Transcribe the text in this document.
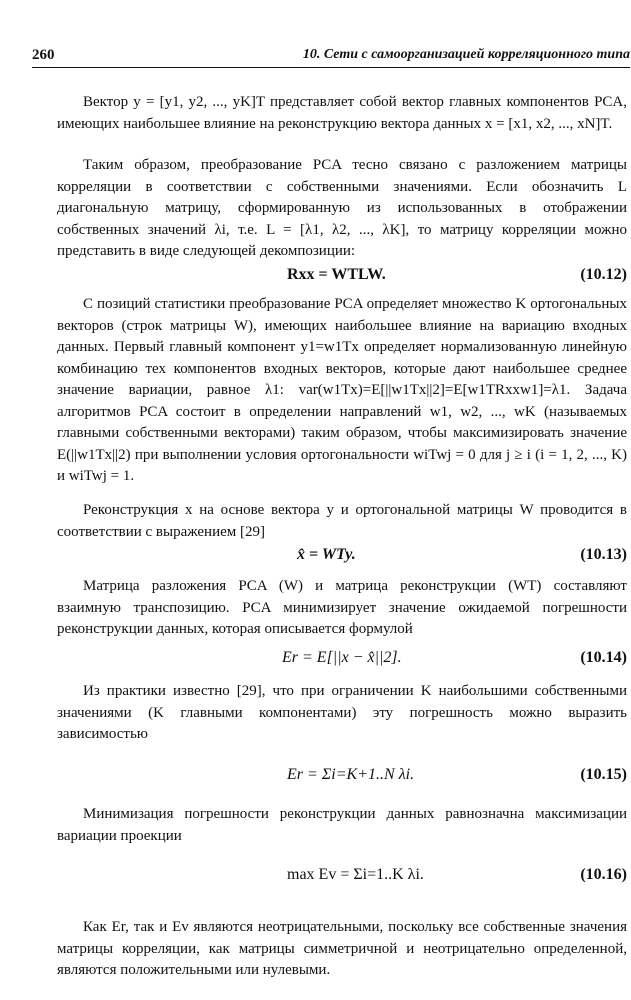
260	10. Сети с самоорганизацией корреляционного типа
Вектор y = [y1, y2, ..., yK]T представляет собой вектор главных компонентов PCA, имеющих наибольшее влияние на реконструкцию вектора данных x = [x1, x2, ..., xN]T.
Таким образом, преобразование PCA тесно связано с разложением матрицы корреляции в соответствии с собственными значениями. Если обозначить L диагональную матрицу, сформированную из использованных в отображении собственных значений λi, т.е. L = [λ1, λ2, ..., λK], то матрицу корреляции можно представить в виде следующей декомпозиции:
Rxx = WTLW.	(10.12)
С позиций статистики преобразование PCA определяет множество K ортогональных векторов (строк матрицы W), имеющих наибольшее влияние на вариацию входных данных. Первый главный компонент y1=w1Tx определяет нормализованную линейную комбинацию тех компонентов входных векторов, которые дают наибольшее среднее значение вариации, равное λ1: var(w1Tx)=E[||w1Tx||2]=E[w1TRxxw1]=λ1. Задача алгоритмов PCA состоит в определении направлений w1, w2, ..., wK (называемых главными собственными векторами) таким образом, чтобы максимизировать значение E(||w1Tx||2) при выполнении условия ортогональности wiTwj = 0 для j ≥ i (i = 1, 2, ..., K) и wiTwj = 1.
Реконструкция x на основе вектора y и ортогональной матрицы W проводится в соответствии с выражением [29]
x̂ = WTy.	(10.13)
Матрица разложения PCA (W) и матрица реконструкции (WT) составляют взаимную транспозицию. PCA минимизирует значение ожидаемой погрешности реконструкции данных, которая описывается формулой
Er = E[||x − x̂||2].	(10.14)
Из практики известно [29], что при ограничении K наибольшими собственными значениями (K главными компонентами) эту погрешность можно выразить зависимостью
Er = Σi=K+1..N λi.	(10.15)
Минимизация погрешности реконструкции данных равнозначна максимизации вариации проекции
max Ev = Σi=1..K λi.	(10.16)
Как Er, так и Ev являются неотрицательными, поскольку все собственные значения матрицы корреляции, как матрицы симметричной и неотрицательно определенной, являются положительными или нулевыми.
